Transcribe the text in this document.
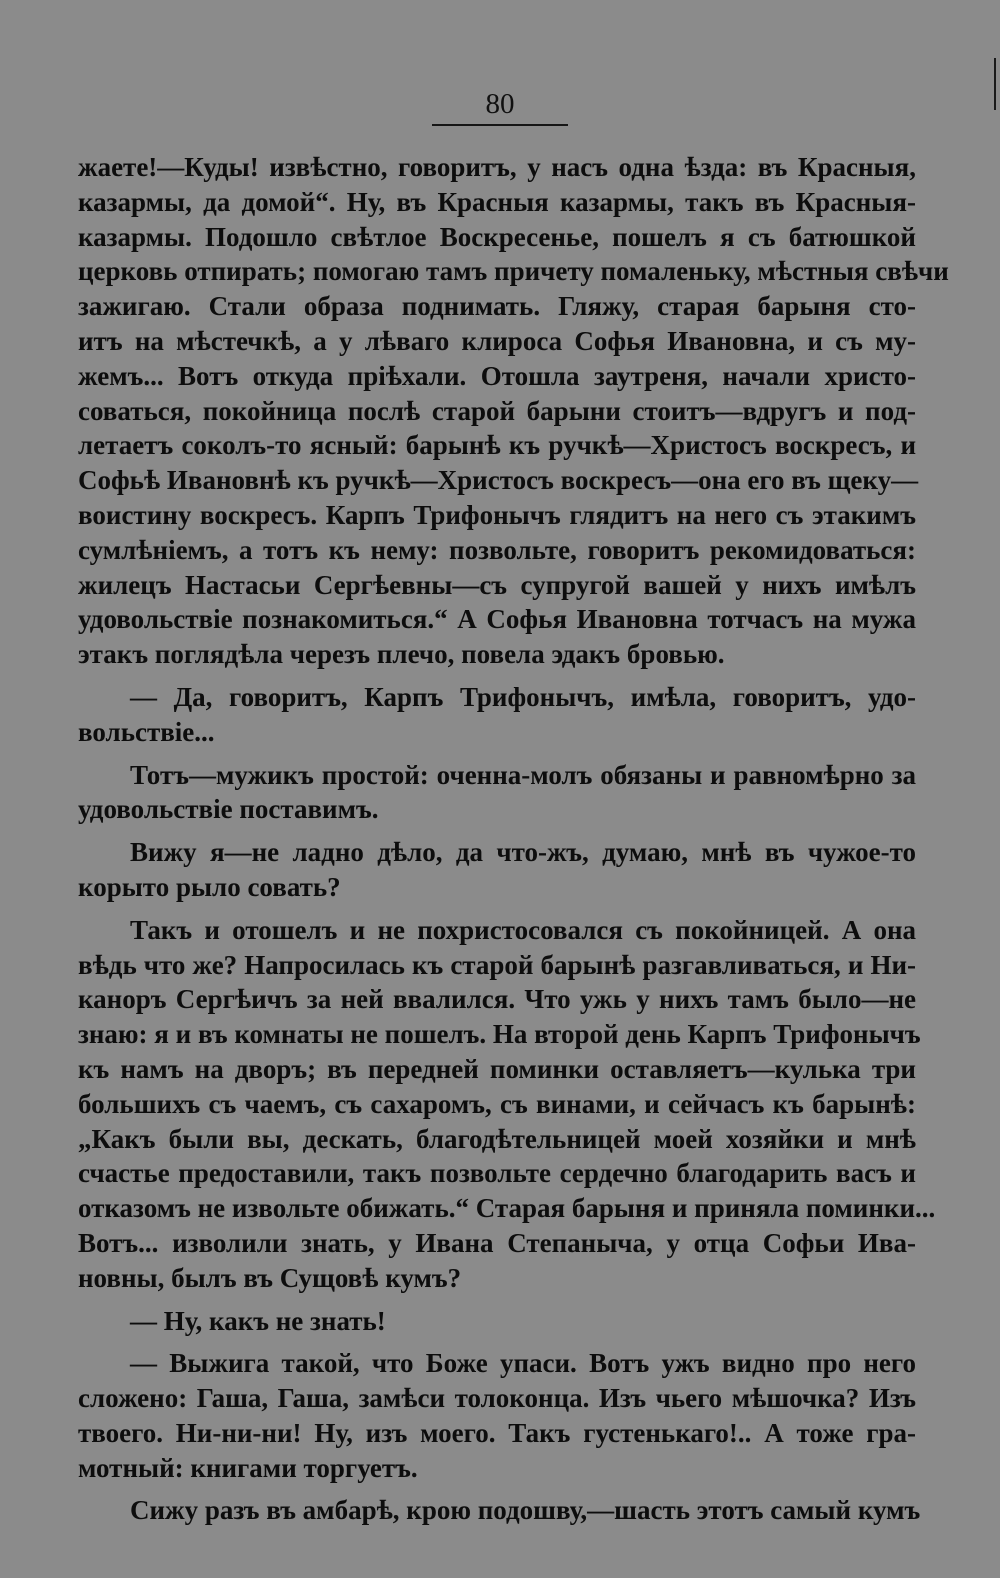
80
жаете!—Куды! извѣстно, говоритъ, у насъ одна ѣзда: въ Красныя,
казармы, да домой“. Ну, въ Красныя казармы, такъ въ Красныя-
казармы. Подошло свѣтлое Воскресенье, пошелъ я съ батюшкой
церковь отпирать; помогаю тамъ причету помаленьку, мѣстныя свѣчи
зажигаю. Стали образа поднимать. Гляжу, старая барыня сто-
итъ на мѣстечкѣ, а у лѣваго клироса Софья Ивановна, и съ му-
жемъ... Вотъ откуда пріѣхали. Отошла заутреня, начали христо-
соваться, покойница послѣ старой барыни стоитъ—вдругъ и под-
летаетъ соколъ-то ясный: барынѣ къ ручкѣ—Христосъ воскресъ, и
Софьѣ Ивановнѣ къ ручкѣ—Христосъ воскресъ—она его въ щеку—
воистину воскресъ. Карпъ Трифонычъ глядитъ на него съ этакимъ
сумлѣніемъ, а тотъ къ нему: позвольте, говоритъ рекомидоваться:
жилецъ Настасьи Сергѣевны—съ супругой вашей у нихъ имѣлъ
удовольствіе познакомиться.“ А Софья Ивановна тотчасъ на мужа
этакъ поглядѣла черезъ плечо, повела эдакъ бровью.
— Да, говоритъ, Карпъ Трифонычъ, имѣла, говоритъ, удо-
вольствіе...
Тотъ—мужикъ простой: оченна-молъ обязаны и равномѣрно за
удовольствіе поставимъ.
Вижу я—не ладно дѣло, да что-жъ, думаю, мнѣ въ чужое-то
корыто рыло совать?
Такъ и отошелъ и не похристосовался съ покойницей. А она
вѣдь что же? Напросилась къ старой барынѣ разгавливаться, и Ни-
каноръ Сергѣичъ за ней ввалился. Что ужь у нихъ тамъ было—не
знаю: я и въ комнаты не пошелъ. На второй день Карпъ Трифонычъ
къ намъ на дворъ; въ передней поминки оставляетъ—кулька три
большихъ съ чаемъ, съ сахаромъ, съ винами, и сейчасъ къ барынѣ:
„Какъ были вы, дескать, благодѣтельницей моей хозяйки и мнѣ
счастье предоставили, такъ позвольте сердечно благодарить васъ и
отказомъ не извольте обижать.“ Старая барыня и приняла поминки...
Вотъ... изволили знать, у Ивана Степаныча, у отца Софьи Ива-
новны, былъ въ Сущовѣ кумъ?
— Ну, какъ не знать!
— Выжига такой, что Боже упаси. Вотъ ужъ видно про него
сложено: Гаша, Гаша, замѣси толоконца. Изъ чьего мѣшочка? Изъ
твоего. Ни-ни-ни! Ну, изъ моего. Такъ густенькаго!.. А тоже гра-
мотный: книгами торгуетъ.
Сижу разъ въ амбарѣ, крою подошву,—шасть этотъ самый кумъ
